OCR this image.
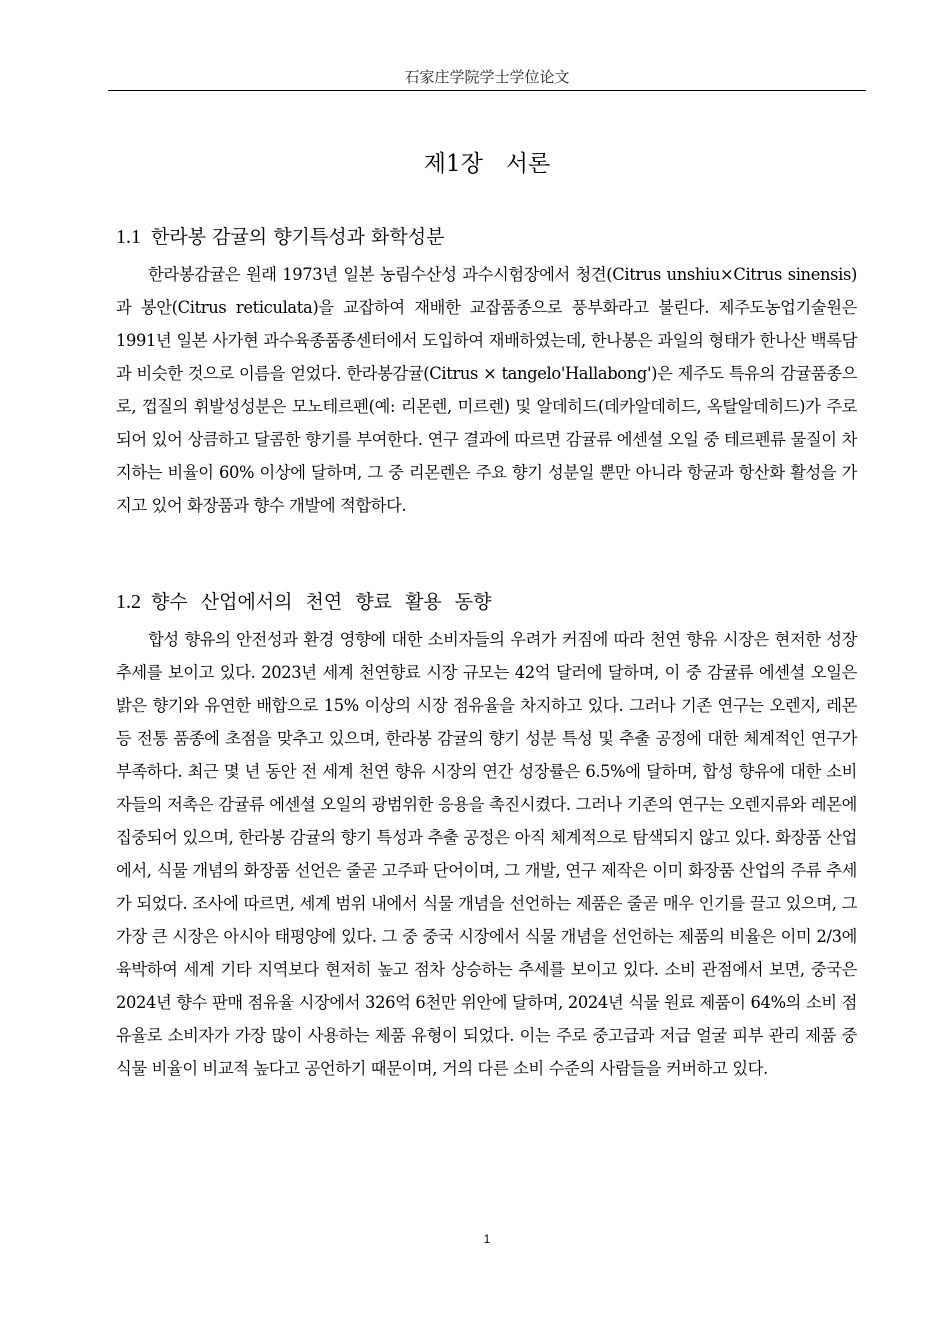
石家庄学院学士学位论文
제1장　서론
1.1 한라봉 감귤의 향기특성과 화학성분

한라봉감귤은 원래 1973년 일본 농림수산성 과수시험장에서 청견(Citrus unshiu×Citrus sinensis)과 봉안(Citrus reticulata)을 교잡하여 재배한 교잡품종으로 풍부화라고 불린다. 제주도농업기술원은 1991년 일본 사가현 과수육종품종센터에서 도입하여 재배하였는데, 한나봉은 과일의 형태가 한나산 백록담과 비슷한 것으로 이름을 얻었다. 한라봉감귤(Citrus × tangelo'Hallabong')은 제주도 특유의 감귤품종으로, 껍질의 휘발성성분은 모노테르펜(예: 리몬렌, 미르렌) 및 알데히드(데카알데히드, 옥탈알데히드)가 주로 되어 있어 상큼하고 달콤한 향기를 부여한다. 연구 결과에 따르면 감귤류 에센셜 오일 중 테르펜류 물질이 차지하는 비율이 60% 이상에 달하며, 그 중 리몬렌은 주요 향기 성분일 뿐만 아니라 항균과 항산화 활성을 가지고 있어 화장품과 향수 개발에 적합하다.

1.2 향수 산업에서의 천연 향료 활용 동향

합성 향유의 안전성과 환경 영향에 대한 소비자들의 우려가 커짐에 따라 천연 향유 시장은 현저한 성장 추세를 보이고 있다. 2023년 세계 천연향료 시장 규모는 42억 달러에 달하며, 이 중 감귤류 에센셜 오일은 밝은 향기와 유연한 배합으로 15% 이상의 시장 점유율을 차지하고 있다. 그러나 기존 연구는 오렌지, 레몬 등 전통 품종에 초점을 맞추고 있으며, 한라봉 감귤의 향기 성분 특성 및 추출 공정에 대한 체계적인 연구가 부족하다. 최근 몇 년 동안 전 세계 천연 향유 시장의 연간 성장률은 6.5%에 달하며, 합성 향유에 대한 소비자들의 저촉은 감귤류 에센셜 오일의 광범위한 응용을 촉진시켰다. 그러나 기존의 연구는 오렌지류와 레몬에 집중되어 있으며, 한라봉 감귤의 향기 특성과 추출 공정은 아직 체계적으로 탐색되지 않고 있다. 화장품 산업에서, 식물 개념의 화장품 선언은 줄곧 고주파 단어이며, 그 개발, 연구 제작은 이미 화장품 산업의 주류 추세가 되었다. 조사에 따르면, 세계 범위 내에서 식물 개념을 선언하는 제품은 줄곧 매우 인기를 끌고 있으며, 그 가장 큰 시장은 아시아 태평양에 있다. 그 중 중국 시장에서 식물 개념을 선언하는 제품의 비율은 이미 2/3에 육박하여 세계 기타 지역보다 현저히 높고 점차 상승하는 추세를 보이고 있다. 소비 관점에서 보면, 중국은 2024년 향수 판매 점유율 시장에서 326억 6천만 위안에 달하며, 2024년 식물 원료 제품이 64%의 소비 점유율로 소비자가 가장 많이 사용하는 제품 유형이 되었다. 이는 주로 중고급과 저급 얼굴 피부 관리 제품 중 식물 비율이 비교적 높다고 공언하기 때문이며, 거의 다른 소비 수준의 사람들을 커버하고 있다.

1
